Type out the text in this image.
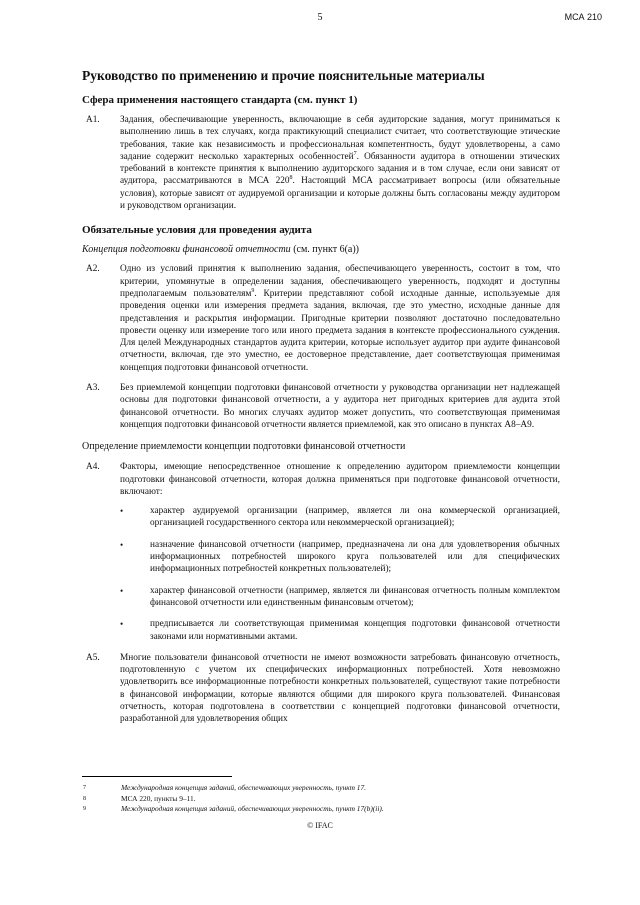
5	МСА 210
Руководство по применению и прочие пояснительные материалы
Сфера применения настоящего стандарта (см. пункт 1)
A1.	Задания, обеспечивающие уверенность, включающие в себя аудиторские задания, могут приниматься к выполнению лишь в тех случаях, когда практикующий специалист считает, что соответствующие этические требования, такие как независимость и профессиональная компетентность, будут удовлетворены, а само задание содержит несколько характерных особенностей$^7$. Обязанности аудитора в отношении этических требований в контексте принятия к выполнению аудиторского задания и в том случае, если они зависят от аудитора, рассматриваются в МСА $220^8$. Настоящий МСА рассматривает вопросы (или обязательные условия), которые зависят от аудируемой организации и которые должны быть согласованы между аудитором и руководством организации.
Обязательные условия для проведения аудита
Концепция подготовки финансовой отчетности (см. пункт 6(a))
A2.	Одно из условий принятия к выполнению задания, обеспечивающего уверенность, состоит в том, что критерии, упомянутые в определении задания, обеспечивающего уверенность, подходят и доступны предполагаемым пользователям$^9$. Критерии представляют собой исходные данные, используемые для проведения оценки или измерения предмета задания, включая, где это уместно, исходные данные для представления и раскрытия информации. Пригодные критерии позволяют достаточно последовательно провести оценку или измерение того или иного предмета задания в контексте профессионального суждения. Для целей Международных стандартов аудита критерии, которые использует аудитор при аудите финансовой отчетности, включая, где это уместно, ее достоверное представление, дает соответствующая применимая концепция подготовки финансовой отчетности.
A3.	Без приемлемой концепции подготовки финансовой отчетности у руководства организации нет надлежащей основы для подготовки финансовой отчетности, а у аудитора нет пригодных критериев для аудита этой финансовой отчетности. Во многих случаях аудитор может допустить, что соответствующая применимая концепция подготовки финансовой отчетности является приемлемой, как это описано в пунктах A8–A9.
Определение приемлемости концепции подготовки финансовой отчетности
A4.	Факторы, имеющие непосредственное отношение к определению аудитором приемлемости концепции подготовки финансовой отчетности, которая должна применяться при подготовке финансовой отчетности, включают:
•	характер аудируемой организации (например, является ли она коммерческой организацией, организацией государственного сектора или некоммерческой организацией);
•	назначение финансовой отчетности (например, предназначена ли она для удовлетворения обычных информационных потребностей широкого круга пользователей или для специфических информационных потребностей конкретных пользователей);
•	характер финансовой отчетности (например, является ли финансовая отчетность полным комплектом финансовой отчетности или единственным финансовым отчетом);
•	предписывается ли соответствующая применимая концепция подготовки финансовой отчетности законами или нормативными актами.
A5.	Многие пользователи финансовой отчетности не имеют возможности затребовать финансовую отчетность, подготовленную с учетом их специфических информационных потребностей. Хотя невозможно удовлетворить все информационные потребности конкретных пользователей, существуют такие потребности в финансовой информации, которые являются общими для широкого круга пользователей. Финансовая отчетность, которая подготовлена в соответствии с концепцией подготовки финансовой отчетности, разработанной для удовлетворения общих
7	Международная концепция заданий, обеспечивающих уверенность, пункт 17.
8	МСА 220, пункты 9–11.
9	Международная концепция заданий, обеспечивающих уверенность, пункт 17(b)(ii).
© IFAC
